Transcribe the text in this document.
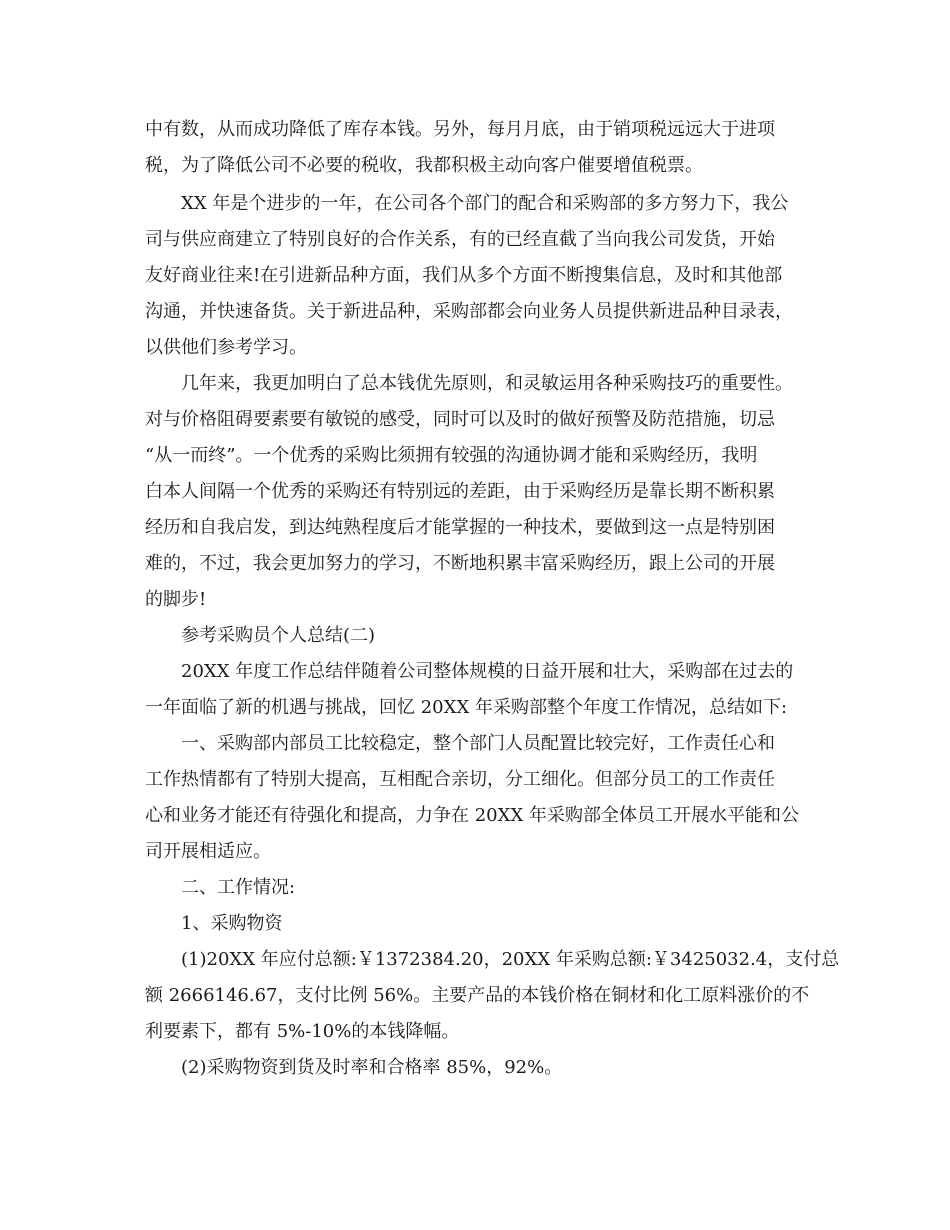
中有数，从而成功降低了库存本钱。另外，每月月底，由于销项税远远大于进项
税，为了降低公司不必要的税收，我都积极主动向客户催要增值税票。
XX 年是个进步的一年，在公司各个部门的配合和采购部的多方努力下，我公
司与供应商建立了特别良好的合作关系，有的已经直截了当向我公司发货，开始
友好商业往来!在引进新品种方面，我们从多个方面不断搜集信息，及时和其他部
沟通，并快速备货。关于新进品种，采购部都会向业务人员提供新进品种目录表，
以供他们参考学习。
几年来，我更加明白了总本钱优先原则，和灵敏运用各种采购技巧的重要性。
对与价格阻碍要素要有敏锐的感受，同时可以及时的做好预警及防范措施，切忌
“从一而终”。一个优秀的采购比须拥有较强的沟通协调才能和采购经历，我明
白本人间隔一个优秀的采购还有特别远的差距，由于采购经历是靠长期不断积累
经历和自我启发，到达纯熟程度后才能掌握的一种技术，要做到这一点是特别困
难的，不过，我会更加努力的学习，不断地积累丰富采购经历，跟上公司的开展
的脚步!
参考采购员个人总结(二)
20XX 年度工作总结伴随着公司整体规模的日益开展和壮大，采购部在过去的
一年面临了新的机遇与挑战，回忆 20XX 年采购部整个年度工作情况，总结如下:
一、采购部内部员工比较稳定，整个部门人员配置比较完好，工作责任心和
工作热情都有了特别大提高，互相配合亲切，分工细化。但部分员工的工作责任
心和业务才能还有待强化和提高，力争在 20XX 年采购部全体员工开展水平能和公
司开展相适应。
二、工作情况:
1、采购物资
(1)20XX 年应付总额:￥1372384.20，20XX 年采购总额:￥3425032.4，支付总
额 2666146.67，支付比例 56%。主要产品的本钱价格在铜材和化工原料涨价的不
利要素下，都有 5%-10%的本钱降幅。
(2)采购物资到货及时率和合格率 85%，92%。
